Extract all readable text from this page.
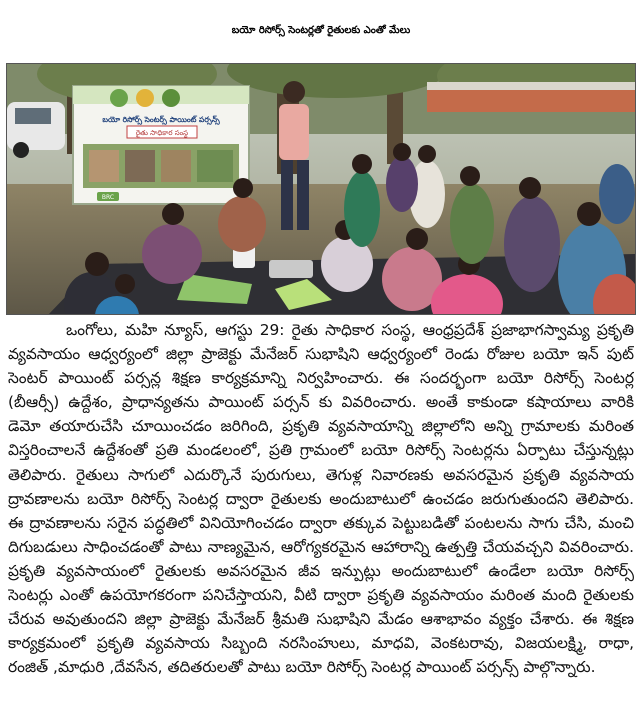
బయో రిసోర్స్ సెంటర్లతో రైతులకు ఎంతో మేలు
బయో రిసోర్స్ సెంటర్స్ పాయింట్ పర్సన్స్
రైతు సాధికార సంస్థ
BRC
ఒంగోలు, మహి న్యూస్, ఆగస్టు 29: రైతు సాధికార సంస్థ, ఆంధ్రప్రదేశ్ ప్రజాభాగస్వామ్య ప్రకృతి
వ్యవసాయం ఆధ్వర్యంలో జిల్లా ప్రాజెక్టు మేనేజర్ సుభాషిని ఆధ్వర్యంలో రెండు రోజుల బయో ఇన్ పుట్
సెంటర్ పాయింట్ పర్సన్ల శిక్షణ కార్యక్రమాన్ని నిర్వహించారు. ఈ సందర్భంగా బయో రిసోర్స్ సెంటర్ల
(బీఆర్సీ) ఉద్దేశం, ప్రాధాన్యతను పాయింట్ పర్సన్ కు వివరించారు. అంతే కాకుండా కషాయాలు వారికి
డెమో తయారుచేసి చూయించడం జరిగింది, ప్రకృతి వ్యవసాయాన్ని జిల్లాలోని అన్ని గ్రామాలకు మరింత
విస్తరించాలనే ఉద్దేశంతో ప్రతి మండలంలో, ప్రతి గ్రామంలో బయో రిసోర్స్ సెంటర్లను ఏర్పాటు చేస్తున్నట్లు
తెలిపారు. రైతులు సాగులో ఎదుర్కొనే పురుగులు, తెగుళ్ల నివారణకు అవసరమైన ప్రకృతి వ్యవసాయ
ద్రావణాలను బయో రిసోర్స్ సెంటర్ల ద్వారా రైతులకు అందుబాటులో ఉంచడం జరుగుతుందని తెలిపారు.
ఈ ద్రావణాలను సరైన పద్ధతిలో వినియోగించడం ద్వారా తక్కువ పెట్టుబడితో పంటలను సాగు చేసి, మంచి
దిగుబడులు సాధించడంతో పాటు నాణ్యమైన, ఆరోగ్యకరమైన ఆహారాన్ని ఉత్పత్తి చేయవచ్చని వివరించారు.
ప్రకృతి వ్యవసాయంలో రైతులకు అవసరమైన జీవ ఇన్పుట్లు అందుబాటులో ఉండేలా బయో రిసోర్స్
సెంటర్లు ఎంతో ఉపయోగకరంగా పనిచేస్తాయని, వీటి ద్వారా ప్రకృతి వ్యవసాయం మరింత మంది రైతులకు
చేరువ అవుతుందని జిల్లా ప్రాజెక్టు మేనేజర్ శ్రీమతి సుభాషిని మేడం ఆశాభావం వ్యక్తం చేశారు. ఈ శిక్షణ
కార్యక్రమంలో ప్రకృతి వ్యవసాయ సిబ్బంది నరసింహులు, మాధవి, వెంకటరావు, విజయలక్ష్మి, రాధా,
రంజిత్ ,మాధురి ,దేవసేన, తదితరులతో పాటు బయో రిసోర్స్ సెంటర్ల పాయింట్ పర్సన్స్ పాల్గొన్నారు.
